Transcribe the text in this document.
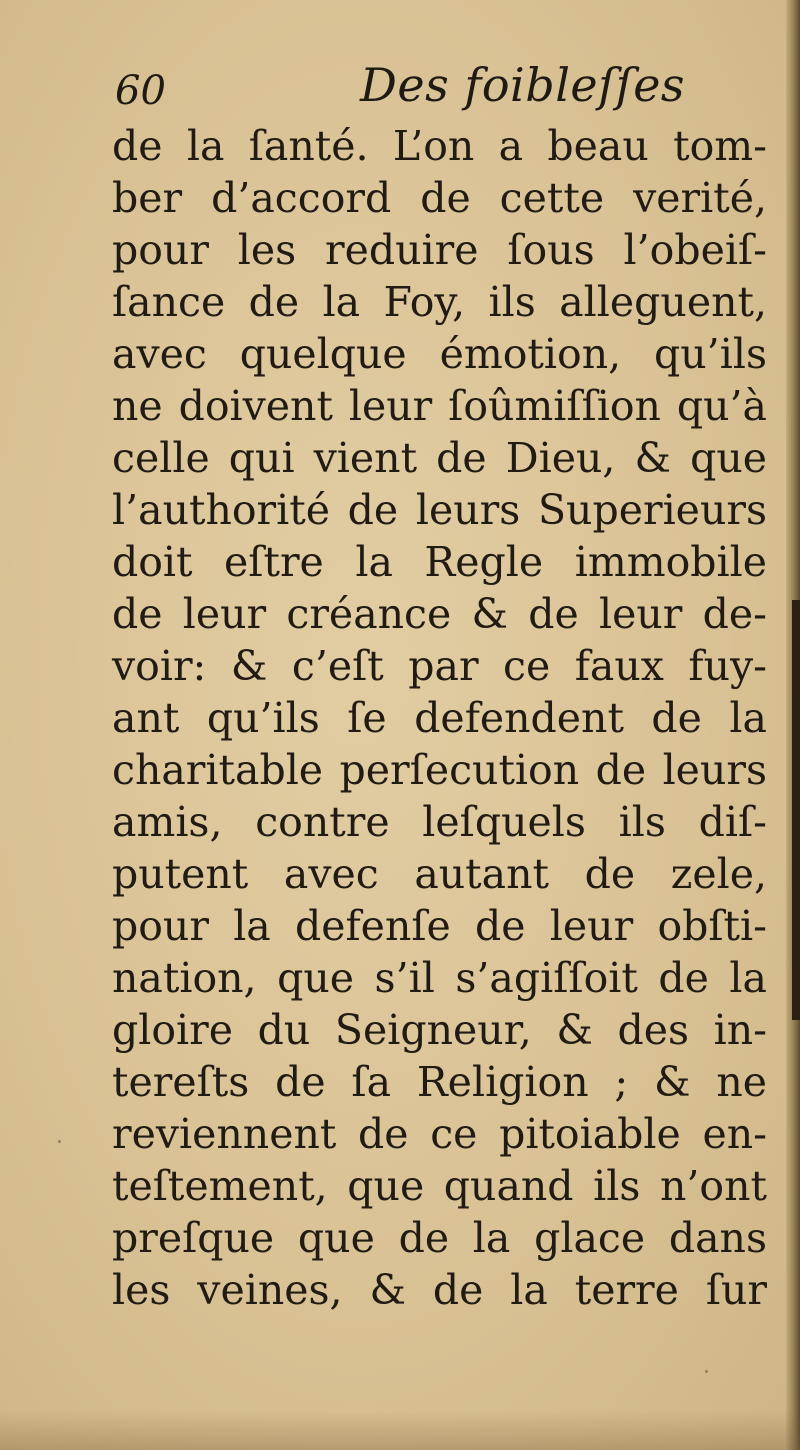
60	Des foibleſſes
de la ſanté. L’on a beau tom-
ber d’accord de cette verité,
pour les reduire ſous l’obeiſ-
ſance de la Foy, ils alleguent,
avec quelque émotion, qu’ils
ne doivent leur ſoûmiſſion qu’à
celle qui vient de Dieu, & que
l’authorité de leurs Superieurs
doit eſtre la Regle immobile
de leur créance & de leur de-
voir: & c’eſt par ce faux fuy-
ant qu’ils ſe defendent de la
charitable perſecution de leurs
amis, contre leſquels ils diſ-
putent avec autant de zele,
pour la defenſe de leur obſti-
nation, que s’il s’agiſſoit de la
gloire du Seigneur, & des in-
tereſts de ſa Religion ; & ne
reviennent de ce pitoiable en-
teſtement, que quand ils n’ont
preſque que de la glace dans
les veines, & de la terre ſur
